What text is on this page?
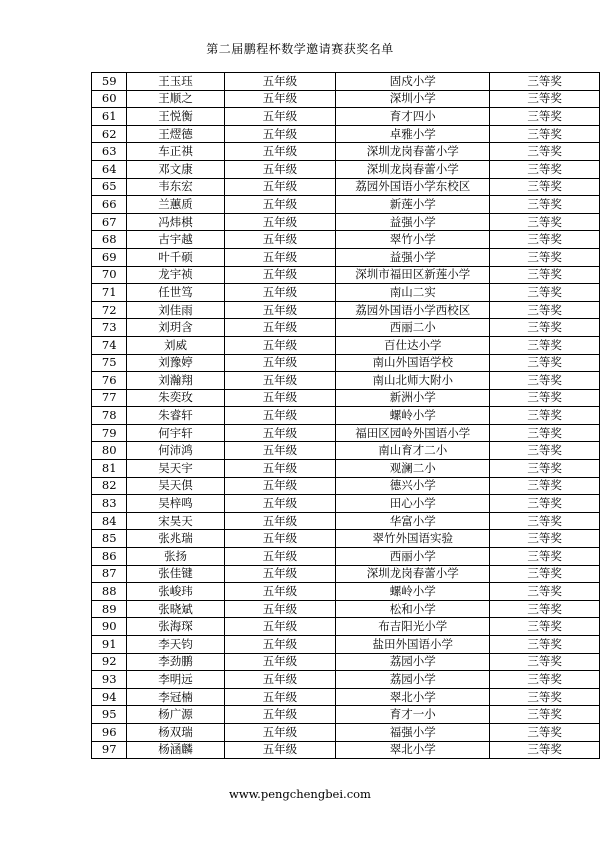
第二届鹏程杯数学邀请赛获奖名单
59	王玉珏	五年级	固戍小学	三等奖
60	王顺之	五年级	深圳小学	三等奖
61	王悦衡	五年级	育才四小	三等奖
62	王熤德	五年级	卓雅小学	三等奖
63	车正祺	五年级	深圳龙岗春蕾小学	三等奖
64	邓文康	五年级	深圳龙岗春蕾小学	三等奖
65	韦东宏	五年级	荔园外国语小学东校区	三等奖
66	兰蕙质	五年级	新莲小学	三等奖
67	冯炜棋	五年级	益强小学	三等奖
68	古宇越	五年级	翠竹小学	三等奖
69	叶千硕	五年级	益强小学	三等奖
70	龙宇祯	五年级	深圳市福田区新莲小学	三等奖
71	任世笃	五年级	南山二实	三等奖
72	刘佳雨	五年级	荔园外国语小学西校区	三等奖
73	刘玥含	五年级	西丽二小	三等奖
74	刘威	五年级	百仕达小学	三等奖
75	刘豫婷	五年级	南山外国语学校	三等奖
76	刘瀚翔	五年级	南山北师大附小	三等奖
77	朱奕玫	五年级	新洲小学	三等奖
78	朱睿轩	五年级	螺岭小学	三等奖
79	何宇轩	五年级	福田区园岭外国语小学	三等奖
80	何沛鸿	五年级	南山育才二小	三等奖
81	吴天宇	五年级	观澜二小	三等奖
82	吴天倶	五年级	德兴小学	三等奖
83	吴梓鸣	五年级	田心小学	三等奖
84	宋昊天	五年级	华富小学	三等奖
85	张兆瑞	五年级	翠竹外国语实验	三等奖
86	张扬	五年级	西丽小学	三等奖
87	张佳键	五年级	深圳龙岗春蕾小学	三等奖
88	张峻玮	五年级	螺岭小学	三等奖
89	张晓斌	五年级	松和小学	三等奖
90	张海琛	五年级	布吉阳光小学	三等奖
91	李天钧	五年级	盐田外国语小学	三等奖
92	李劲鹏	五年级	荔园小学	三等奖
93	李明远	五年级	荔园小学	三等奖
94	李冠楠	五年级	翠北小学	三等奖
95	杨广源	五年级	育才一小	三等奖
96	杨双瑞	五年级	福强小学	三等奖
97	杨涵麟	五年级	翠北小学	三等奖
www.pengchengbei.com
